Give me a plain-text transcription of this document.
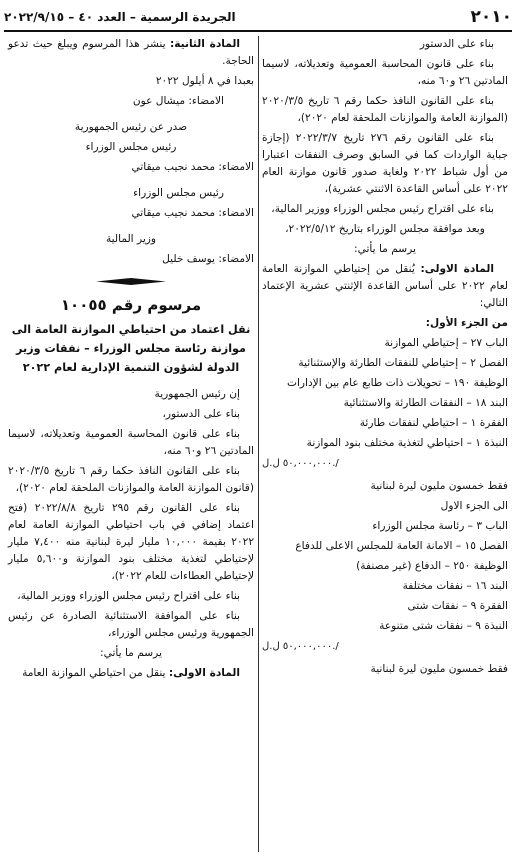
٢٠١٠
الجريدة الرسمية – العدد ٤٠ – ٢٠٢٢/٩/١٥

بناء على الدستور

بناء على قانون المحاسبة العمومية وتعديلاته، لاسيما المادتين ٢٦ و٦٠ منه،

بناء على القانون النافذ حكما رقم ٦ تاريخ ٢٠٢٠/٣/٥ (الموازنة العامة والموازنات الملحقة لعام ٢٠٢٠)،

بناء على القانون رقم ٢٧٦ تاريخ ٢٠٢٢/٣/٧ (إجازة جباية الواردات كما في السابق وصرف النفقات اعتبارا من أول شباط ٢٠٢٢ ولغاية صدور قانون موازنة العام ٢٠٢٢ على أساس القاعدة الاثنتي عشرية)،

بناء على اقتراح رئيس مجلس الوزراء ووزير المالية،

وبعد موافقة مجلس الوزراء بتاريخ ٢٠٢٢/٥/١٢،

يرسم ما يأتي:

المادة الاولى: يُنقل من إحتياطي الموازنة العامة لعام ٢٠٢٢ على أساس القاعدة الإثنتي عشرية الإعتماد التالي:

من الجزء الأول:

الباب ٢٧ – إحتياطي الموازنة

الفصل ٢ – إحتياطي للنفقات الطارئة والإستثنائية

الوظيفة ١٩٠ – تحويلات ذات طابع عام بين الإدارات

البند ١٨ – النفقات الطارئة والاستثنائية

الفقرة ١ – احتياطي لنفقات طارئة

النبذة ١ – احتياطي لتغذية مختلف بنود الموازنة

٥٠,٠٠٠,٠٠٠ ل.ل./

فقط خمسون مليون ليرة لبنانية

الى الجزء الاول

الباب ٣ – رئاسة مجلس الوزراء

الفصل ١٥ – الامانة العامة للمجلس الاعلى للدفاع

الوظيفة ٢٥٠ – الدفاع (غير مصنفة)

البند ١٦ – نفقات مختلفة

الفقرة ٩ – نفقات شتى

النبذة ٩ – نفقات شتى متنوعة

٥٠,٠٠٠,٠٠٠ ل.ل./

فقط خمسون مليون ليرة لبنانية

المادة الثانية: ينشر هذا المرسوم ويبلغ حيث تدعو الحاجة.

بعبدا في ٨ أيلول ٢٠٢٢

الامضاء: ميشال عون

صدر عن رئيس الجمهورية

رئيس مجلس الوزراء

الامضاء: محمد نجيب ميقاتي

رئيس مجلس الوزراء

الامضاء: محمد نجيب ميقاتي

وزير المالية

الامضاء: يوسف خليل

مرسوم رقم ١٠٠٥٥

نقل اعتماد من احتياطي الموازنة العامة الى موازنة رئاسة مجلس الوزراء – نفقات وزير الدولة لشؤون التنمية الإدارية لعام ٢٠٢٢

إن رئيس الجمهورية

بناء على الدستور،

بناء على قانون المحاسبة العمومية وتعديلاته، لاسيما المادتين ٢٦ و٦٠ منه،

بناء على القانون النافذ حكما رقم ٦ تاريخ ٢٠٢٠/٣/٥ (قانون الموازنة العامة والموازنات الملحقة لعام ٢٠٢٠)،

بناء على القانون رقم ٢٩٥ تاريخ ٢٠٢٢/٨/٨ (فتح اعتماد إضافي في باب احتياطي الموازنة العامة لعام ٢٠٢٢ بقيمة ١٠,٠٠٠ مليار ليرة لبنانية منه ٧,٤٠٠ مليار لإحتياطي لتغذية مختلف بنود الموازنة و٥,٦٠٠ مليار لإحتياطي العطاءات للعام ٢٠٢٢)،

بناء على اقتراح رئيس مجلس الوزراء ووزير المالية،

بناء على الموافقة الاستثنائية الصادرة عن رئيس الجمهورية ورئيس مجلس الوزراء،

يرسم ما يأتي:

المادة الاولى: ينقل من احتياطي الموازنة العامة
